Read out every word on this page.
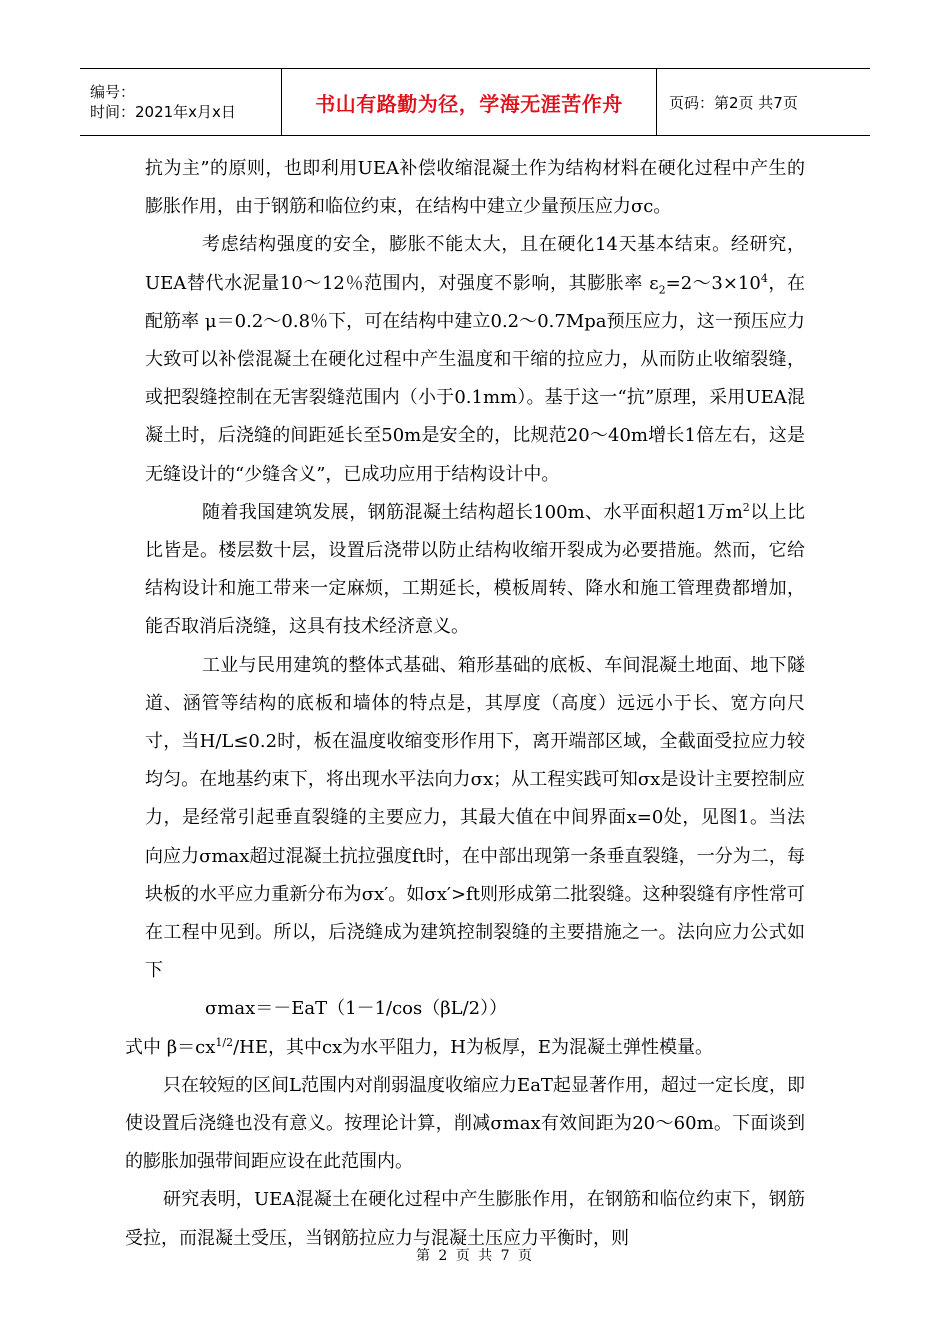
编号：
时间：2021年x月x日	书山有路勤为径，学海无涯苦作舟	页码：第2页 共7页

抗为主”的原则，也即利用UEA补偿收缩混凝土作为结构材料在硬化过程中产生的膨胀作用，由于钢筋和临位约束，在结构中建立少量预压应力σc。

考虑结构强度的安全，膨胀不能太大，且在硬化14天基本结束。经研究，UEA替代水泥量10～12％范围内，对强度不影响，其膨胀率 $\varepsilon_2=2\sim 3\times 10^4$，在配筋率 μ＝0.2～0.8％下，可在结构中建立0.2～0.7Mpa预压应力，这一预压应力大致可以补偿混凝土在硬化过程中产生温度和干缩的拉应力，从而防止收缩裂缝，或把裂缝控制在无害裂缝范围内（小于0.1mm）。基于这一“抗”原理，采用UEA混凝土时，后浇缝的间距延长至50m是安全的，比规范20～40m增长1倍左右，这是无缝设计的“少缝含义”，已成功应用于结构设计中。

随着我国建筑发展，钢筋混凝土结构超长100m、水平面积超1万$m^2$以上比比皆是。楼层数十层，设置后浇带以防止结构收缩开裂成为必要措施。然而，它给结构设计和施工带来一定麻烦，工期延长，模板周转、降水和施工管理费都增加，能否取消后浇缝，这具有技术经济意义。

工业与民用建筑的整体式基础、箱形基础的底板、车间混凝土地面、地下隧道、涵管等结构的底板和墙体的特点是，其厚度（高度）远远小于长、宽方向尺寸，当H/L≤0.2时，板在温度收缩变形作用下，离开端部区域，全截面受拉应力较均匀。在地基约束下，将出现水平法向力σx；从工程实践可知σx是设计主要控制应力，是经常引起垂直裂缝的主要应力，其最大值在中间界面x=0处，见图1。当法向应力σmax超过混凝土抗拉强度ft时，在中部出现第一条垂直裂缝，一分为二，每块板的水平应力重新分布为σx′。如σx′>ft则形成第二批裂缝。这种裂缝有序性常可在工程中见到。所以，后浇缝成为建筑控制裂缝的主要措施之一。法向应力公式如下

σmax＝－EaT（1－1/cos（βL/2））

式中 $\beta=cx^{1/2}/HE$，其中cx为水平阻力，H为板厚，E为混凝土弹性模量。

只在较短的区间L范围内对削弱温度收缩应力EaT起显著作用，超过一定长度，即使设置后浇缝也没有意义。按理论计算，削减σmax有效间距为20～60m。下面谈到的膨胀加强带间距应设在此范围内。

研究表明，UEA混凝土在硬化过程中产生膨胀作用，在钢筋和临位约束下，钢筋受拉，而混凝土受压，当钢筋拉应力与混凝土压应力平衡时，则

第 2 页 共 7 页
